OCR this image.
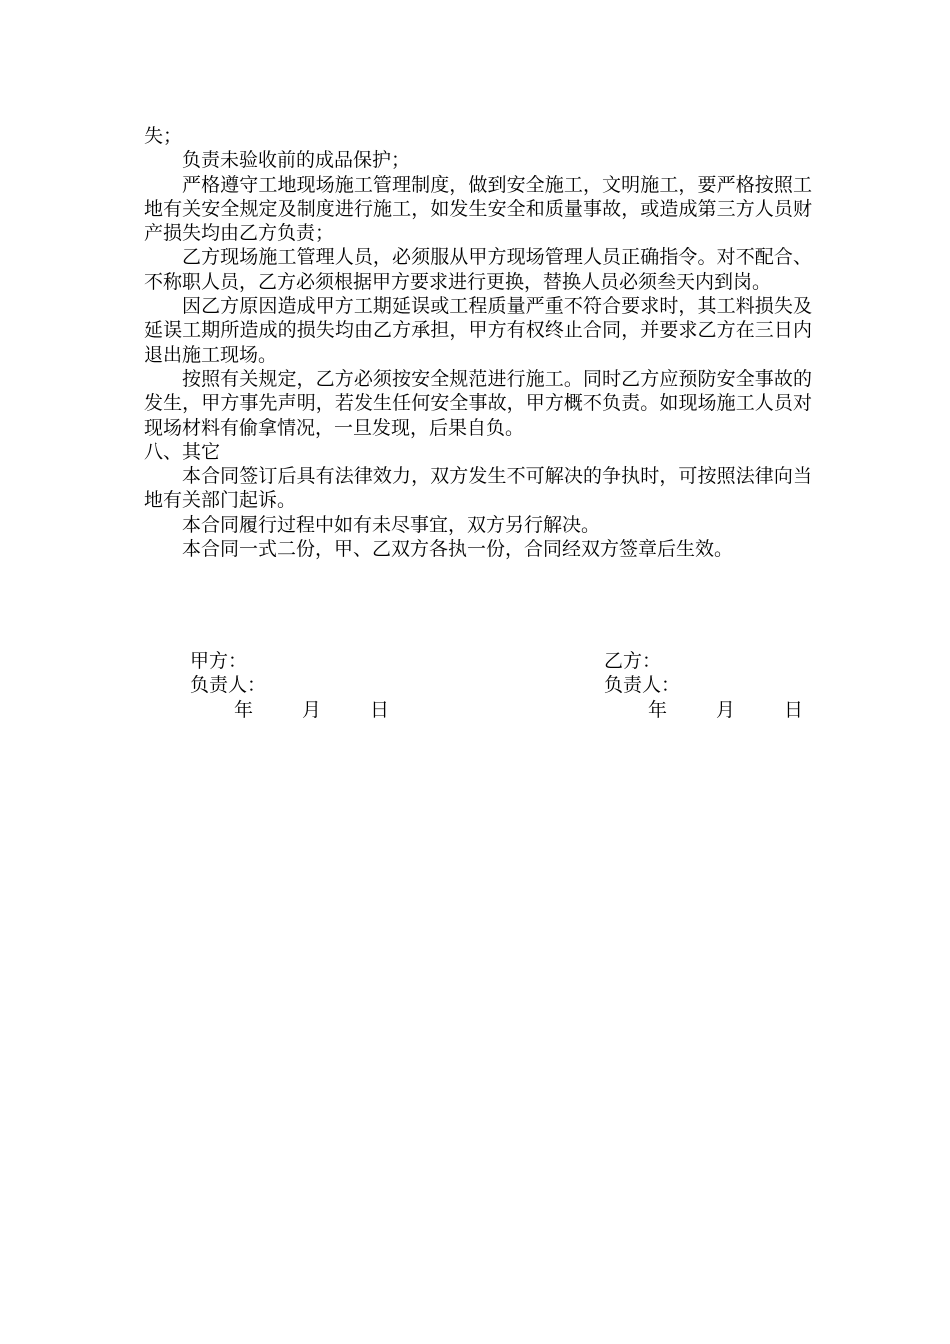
失；

负责未验收前的成品保护；

严格遵守工地现场施工管理制度，做到安全施工，文明施工，要严格按照工地有关安全规定及制度进行施工，如发生安全和质量事故，或造成第三方人员财产损失均由乙方负责；

乙方现场施工管理人员，必须服从甲方现场管理人员正确指令。对不配合、不称职人员，乙方必须根据甲方要求进行更换，替换人员必须叁天内到岗。

因乙方原因造成甲方工期延误或工程质量严重不符合要求时，其工料损失及延误工期所造成的损失均由乙方承担，甲方有权终止合同，并要求乙方在三日内退出施工现场。

按照有关规定，乙方必须按安全规范进行施工。同时乙方应预防安全事故的发生，甲方事先声明，若发生任何安全事故，甲方概不负责。如现场施工人员对现场材料有偷拿情况，一旦发现，后果自负。

八、其它

本合同签订后具有法律效力，双方发生不可解决的争执时，可按照法律向当地有关部门起诉。

本合同履行过程中如有未尽事宜，双方另行解决。

本合同一式二份，甲、乙双方各执一份，合同经双方签章后生效。

甲方：
负责人：
年	月	日
乙方：
负责人：
年	月	日
